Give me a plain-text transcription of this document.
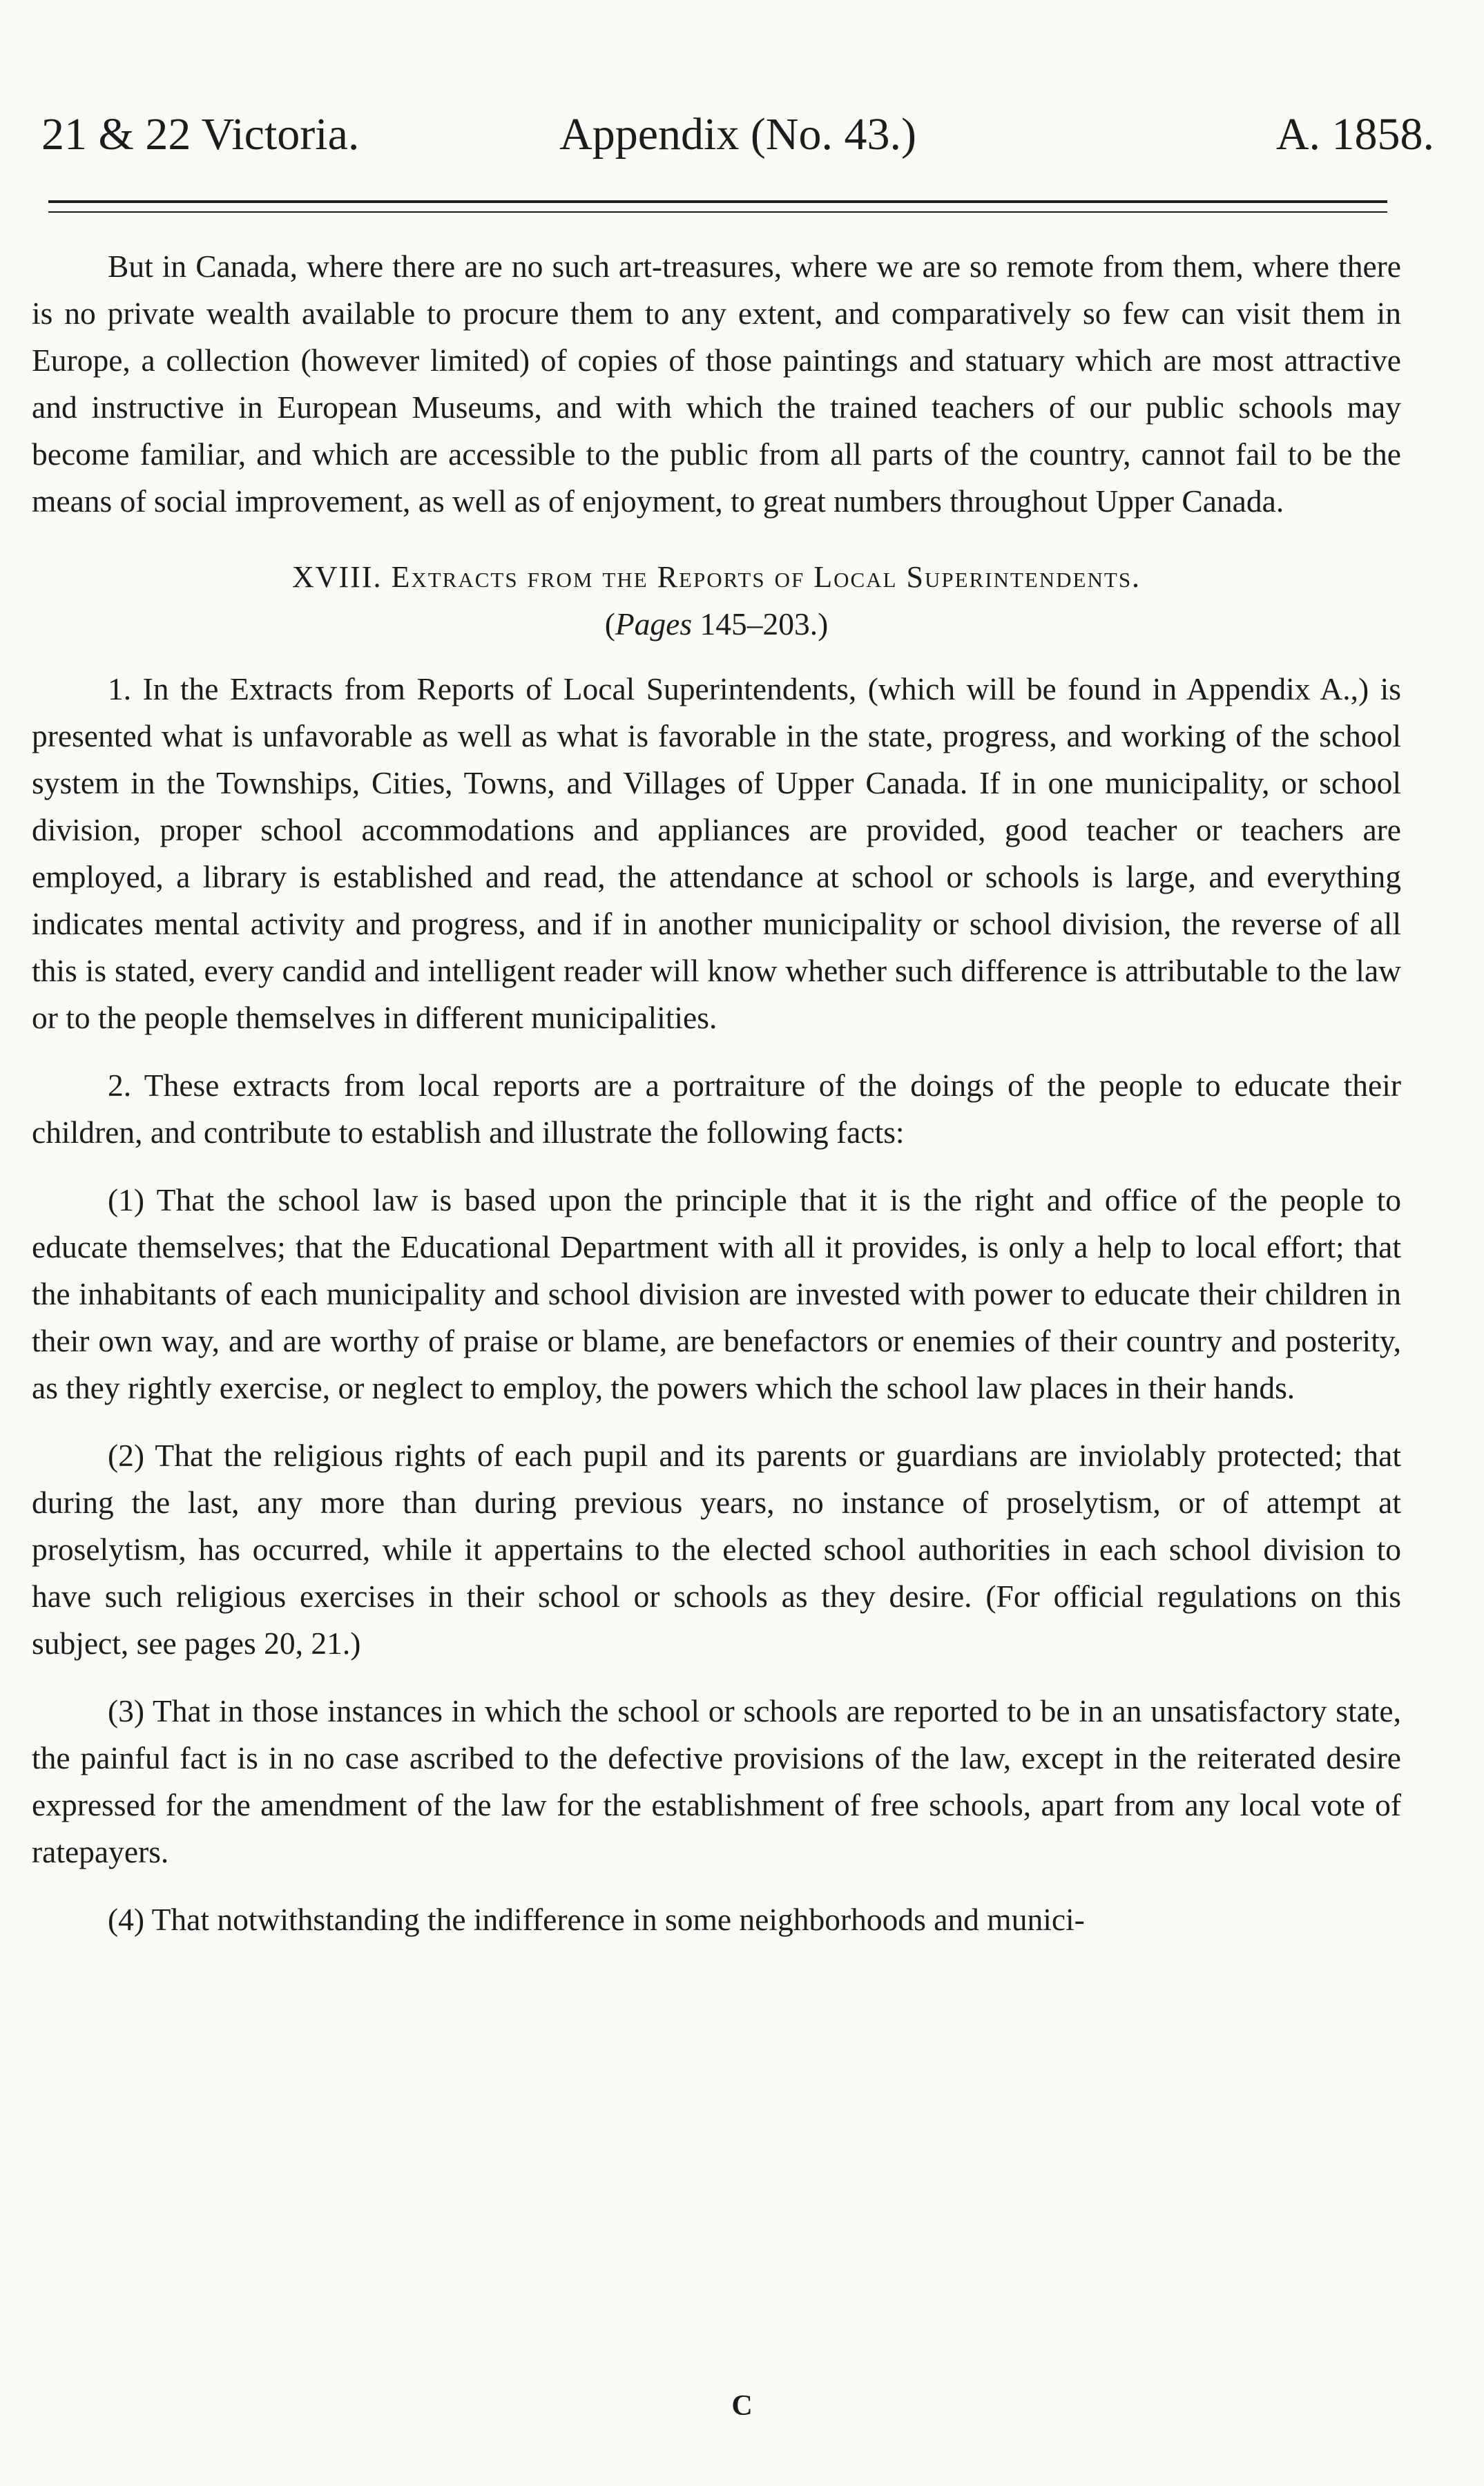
21 & 22 Victoria.	Appendix (No. 43.)	A. 1858.

But in Canada, where there are no such art-treasures, where we are so remote from them, where there is no private wealth available to procure them to any extent, and comparatively so few can visit them in Europe, a collection (however limited) of copies of those paintings and statuary which are most attractive and instructive in European Museums, and with which the trained teachers of our public schools may become familiar, and which are accessible to the public from all parts of the country, cannot fail to be the means of social improvement, as well as of enjoyment, to great numbers throughout Upper Canada.

XVIII. Extracts from the Reports of Local Superintendents.

(Pages 145–203.)

1. In the Extracts from Reports of Local Superintendents, (which will be found in Appendix A.,) is presented what is unfavorable as well as what is favorable in the state, progress, and working of the school system in the Townships, Cities, Towns, and Villages of Upper Canada. If in one municipality, or school division, proper school accommodations and appliances are provided, good teacher or teachers are employed, a library is established and read, the attendance at school or schools is large, and everything indicates mental activity and progress, and if in another municipality or school division, the reverse of all this is stated, every candid and intelligent reader will know whether such difference is attributable to the law or to the people themselves in different municipalities.

2. These extracts from local reports are a portraiture of the doings of the people to educate their children, and contribute to establish and illustrate the following facts:

(1) That the school law is based upon the principle that it is the right and office of the people to educate themselves; that the Educational Department with all it provides, is only a help to local effort; that the inhabitants of each municipality and school division are invested with power to educate their children in their own way, and are worthy of praise or blame, are benefactors or enemies of their country and posterity, as they rightly exercise, or neglect to employ, the powers which the school law places in their hands.

(2) That the religious rights of each pupil and its parents or guardians are inviolably protected; that during the last, any more than during previous years, no instance of proselytism, or of attempt at proselytism, has occurred, while it appertains to the elected school authorities in each school division to have such religious exercises in their school or schools as they desire. (For official regulations on this subject, see pages 20, 21.)

(3) That in those instances in which the school or schools are reported to be in an unsatisfactory state, the painful fact is in no case ascribed to the defective provisions of the law, except in the reiterated desire expressed for the amendment of the law for the establishment of free schools, apart from any local vote of ratepayers.

(4) That notwithstanding the indifference in some neighborhoods and munici-

C
